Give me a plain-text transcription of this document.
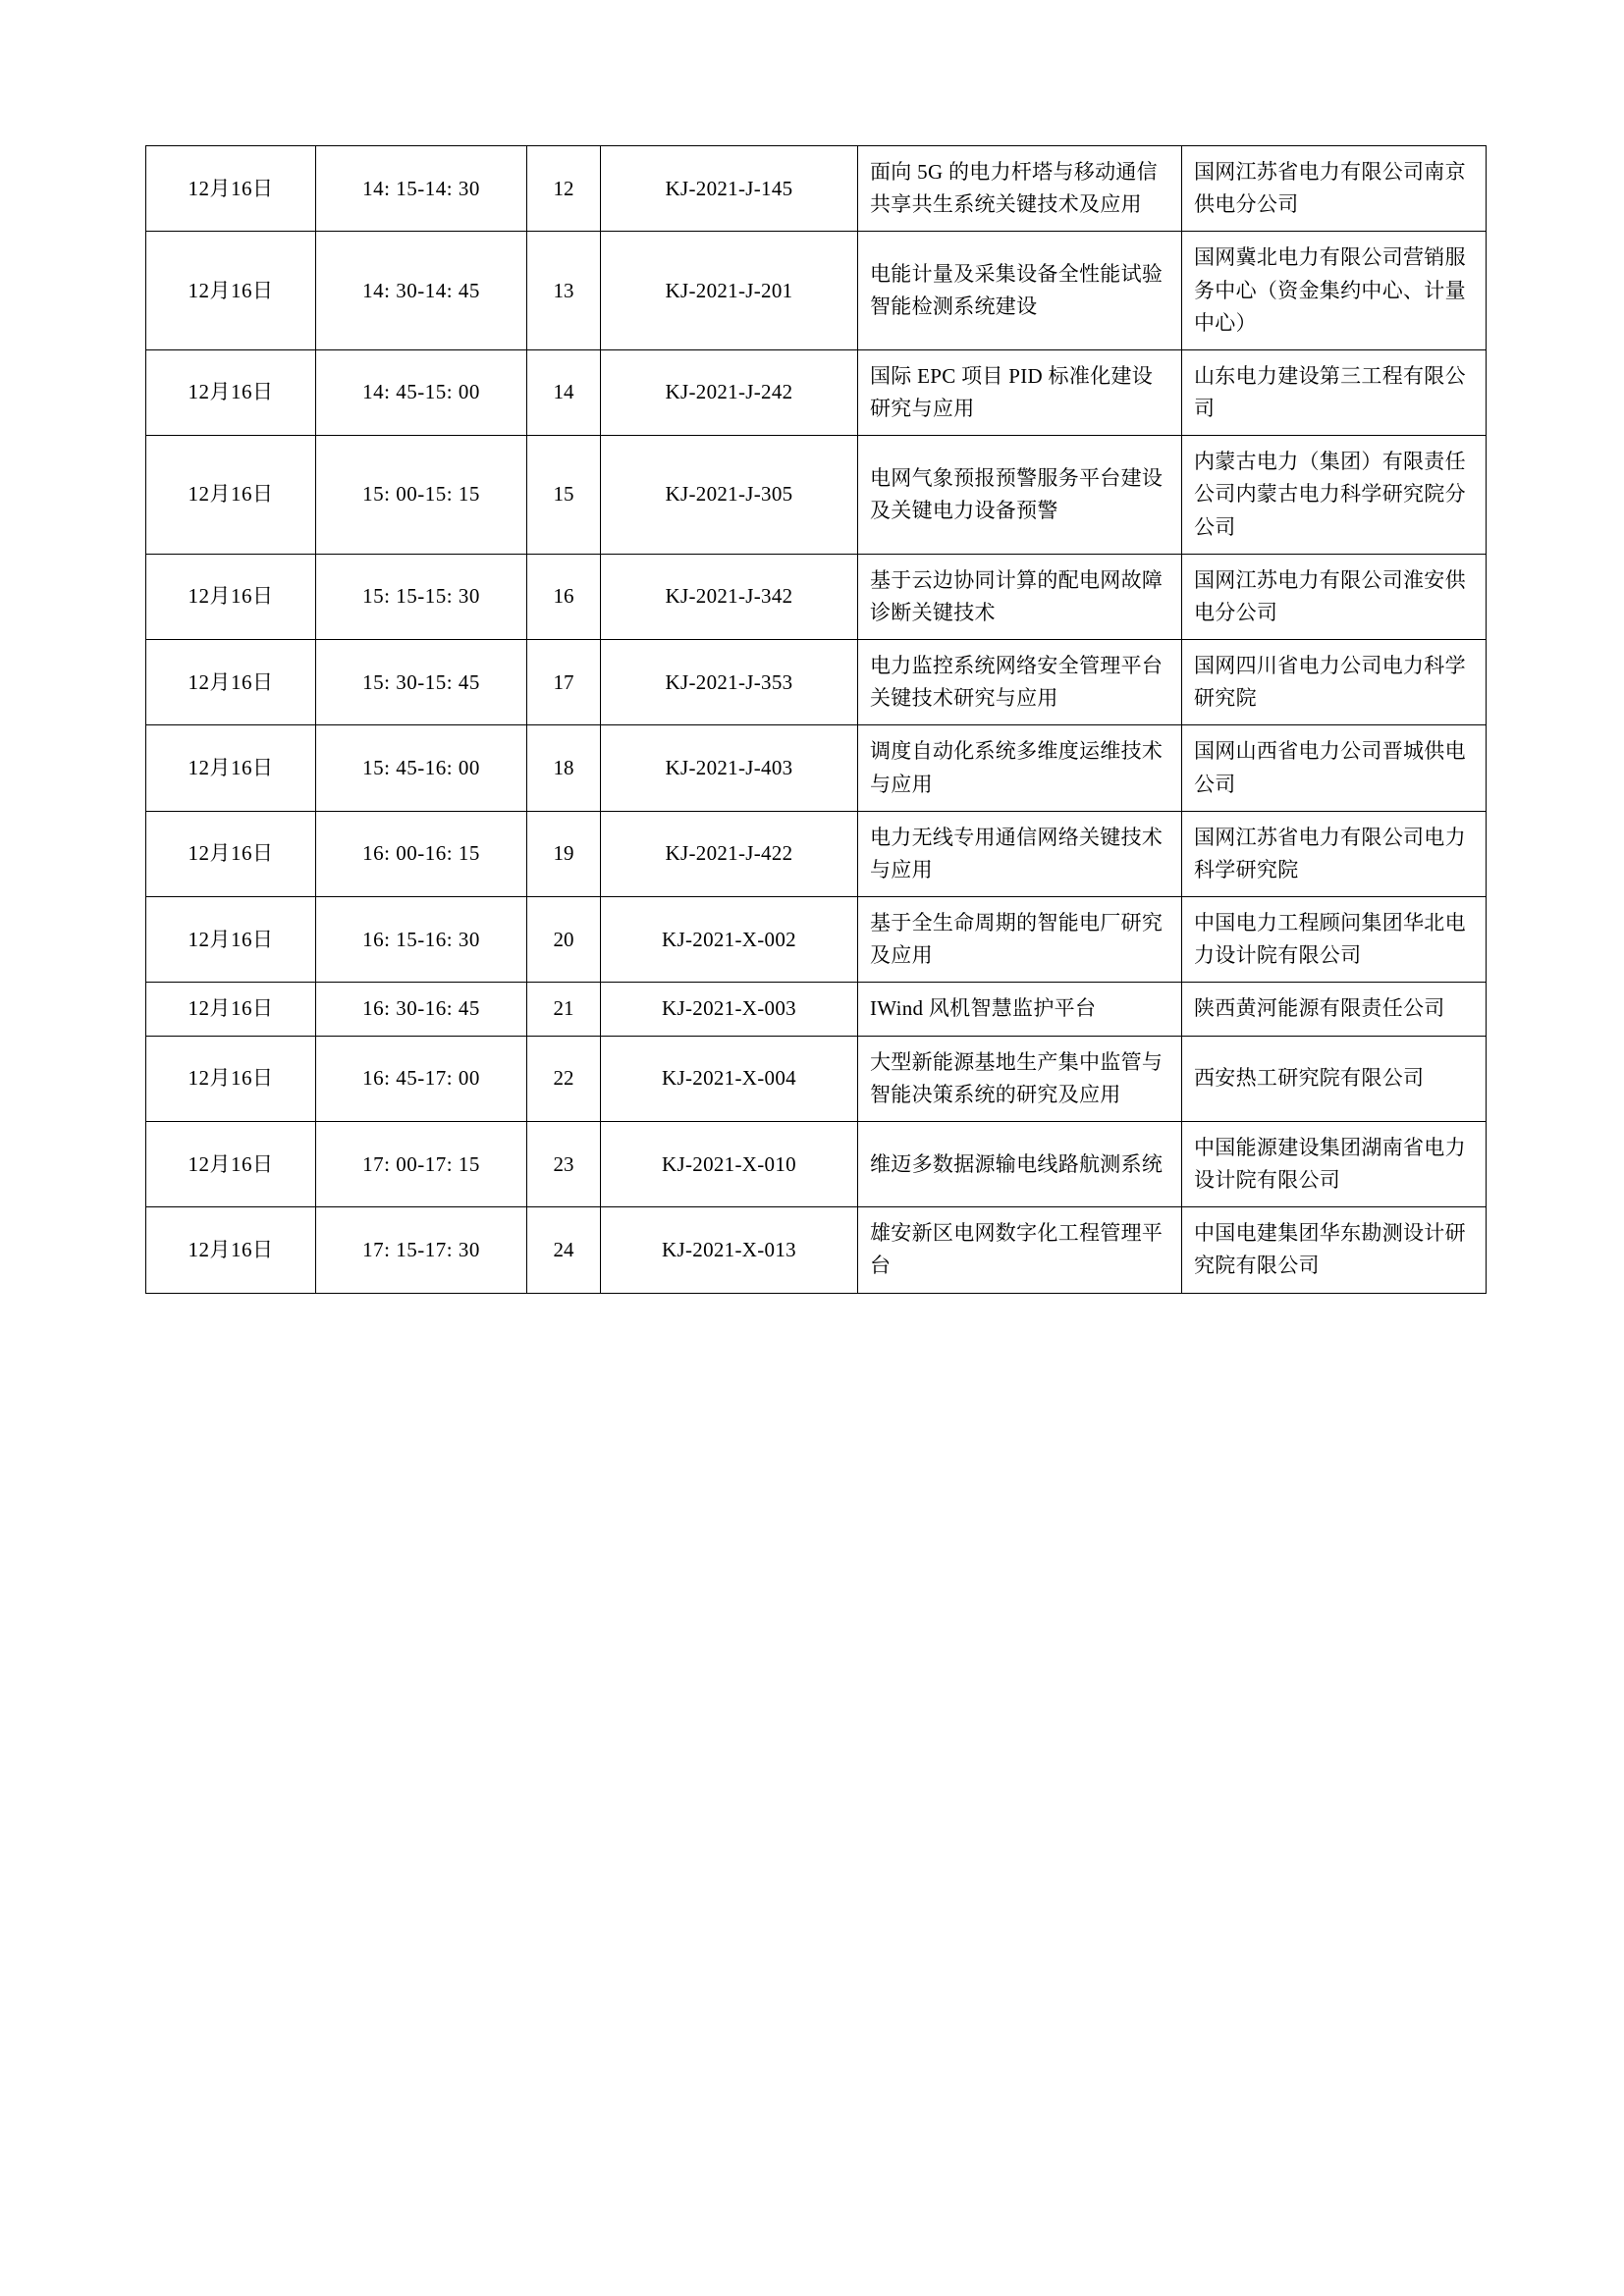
12月16日	14: 15-14: 30	12	KJ-2021-J-145	面向 5G 的电力杆塔与移动通信共享共生系统关键技术及应用	国网江苏省电力有限公司南京供电分公司
12月16日	14: 30-14: 45	13	KJ-2021-J-201	电能计量及采集设备全性能试验智能检测系统建设	国网冀北电力有限公司营销服务中心（资金集约中心、计量中心）
12月16日	14: 45-15: 00	14	KJ-2021-J-242	国际 EPC 项目 PID 标准化建设研究与应用	山东电力建设第三工程有限公司
12月16日	15: 00-15: 15	15	KJ-2021-J-305	电网气象预报预警服务平台建设及关键电力设备预警	内蒙古电力（集团）有限责任公司内蒙古电力科学研究院分公司
12月16日	15: 15-15: 30	16	KJ-2021-J-342	基于云边协同计算的配电网故障诊断关键技术	国网江苏电力有限公司淮安供电分公司
12月16日	15: 30-15: 45	17	KJ-2021-J-353	电力监控系统网络安全管理平台关键技术研究与应用	国网四川省电力公司电力科学研究院
12月16日	15: 45-16: 00	18	KJ-2021-J-403	调度自动化系统多维度运维技术与应用	国网山西省电力公司晋城供电公司
12月16日	16: 00-16: 15	19	KJ-2021-J-422	电力无线专用通信网络关键技术与应用	国网江苏省电力有限公司电力科学研究院
12月16日	16: 15-16: 30	20	KJ-2021-X-002	基于全生命周期的智能电厂研究及应用	中国电力工程顾问集团华北电力设计院有限公司
12月16日	16: 30-16: 45	21	KJ-2021-X-003	IWind 风机智慧监护平台	陕西黄河能源有限责任公司
12月16日	16: 45-17: 00	22	KJ-2021-X-004	大型新能源基地生产集中监管与智能决策系统的研究及应用	西安热工研究院有限公司
12月16日	17: 00-17: 15	23	KJ-2021-X-010	维迈多数据源输电线路航测系统	中国能源建设集团湖南省电力设计院有限公司
12月16日	17: 15-17: 30	24	KJ-2021-X-013	雄安新区电网数字化工程管理平台	中国电建集团华东勘测设计研究院有限公司
